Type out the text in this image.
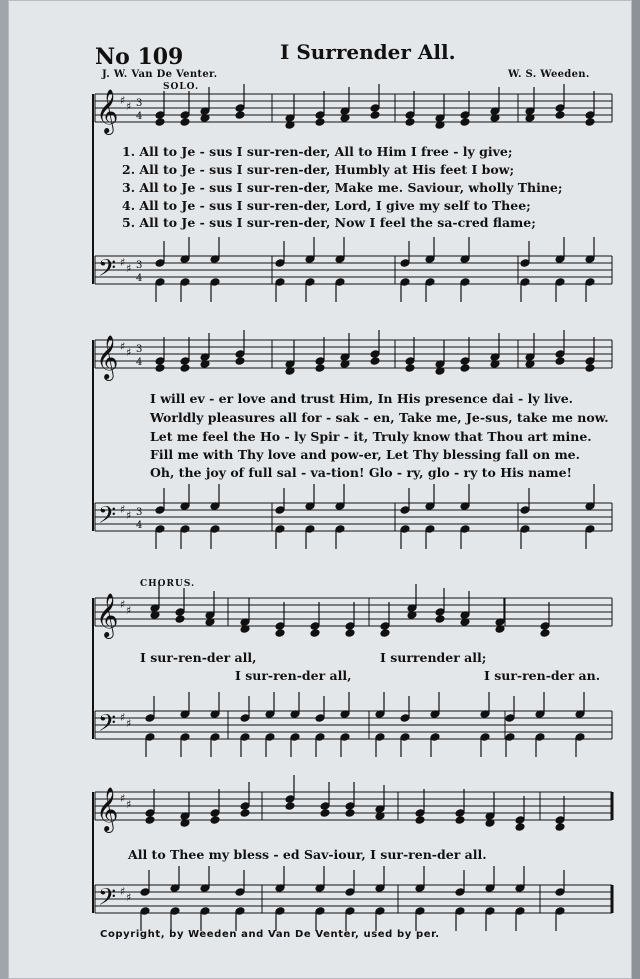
No 109	I Surrender All.
J. W. Van De Venter.	W. S. Weeden.
SOLO.
CHORUS.
𝄞 ♯ ♯ 3
4
𝄢 ♯ ♯ 3
4
𝄞 ♯ ♯ 3
4
𝄢 ♯ ♯ 3
4
𝄞 ♯ ♯
𝄢 ♯ ♯
𝄞 ♯ ♯
𝄢 ♯ ♯
1. All to Je - sus I sur-ren-der, All to Him I free - ly give;
2. All to Je - sus I sur-ren-der, Humbly at His feet I bow;
3. All to Je - sus I sur-ren-der, Make me. Saviour, wholly Thine;
4. All to Je - sus I sur-ren-der, Lord, I give my self to Thee;
5. All to Je - sus I sur-ren-der, Now I feel the sa-cred flame;
I will ev - er love and trust Him, In His presence dai - ly live.
Worldly pleasures all for - sak - en, Take me, Je-sus, take me now.
Let me feel the Ho - ly Spir - it, Truly know that Thou art mine.
Fill me with Thy love and pow-er, Let Thy blessing fall on me.
Oh, the joy of full sal - va-tion! Glo - ry, glo - ry to His name!
I sur-ren-der all,	I surrender all;
I sur-ren-der all,	I sur-ren-der an.
All to Thee my bless - ed Sav-iour, I sur-ren-der all.
Copyright, by Weeden and Van De Venter, used by per.
